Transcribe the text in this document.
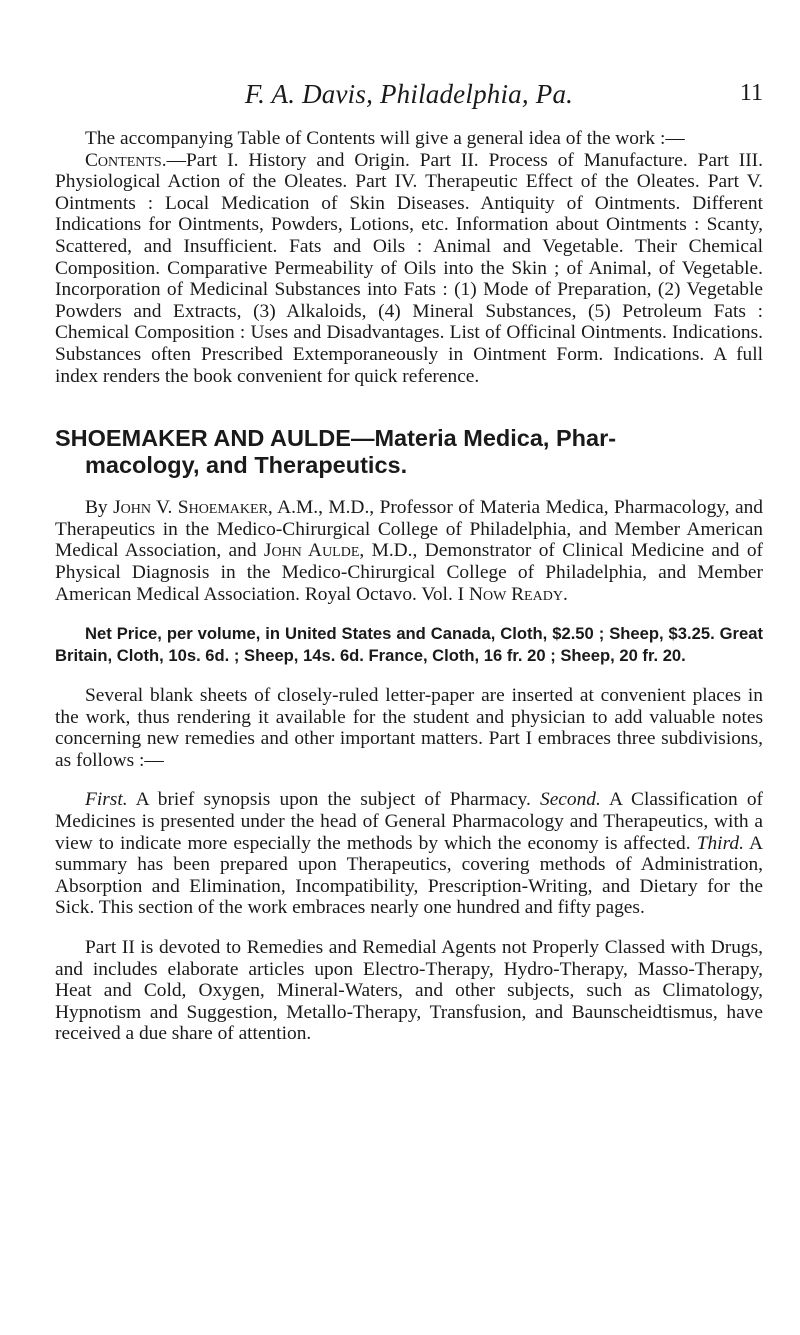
F. A. Davis, Philadelphia, Pa.	11

The accompanying Table of Contents will give a general idea of the work :—

Contents.—Part I. History and Origin. Part II. Process of Manufacture. Part III. Physiological Action of the Oleates. Part IV. Therapeutic Effect of the Oleates. Part V. Ointments : Local Medication of Skin Diseases. Antiquity of Ointments. Different Indications for Ointments, Powders, Lotions, etc. Information about Ointments : Scanty, Scattered, and Insufficient. Fats and Oils : Animal and Vegetable. Their Chemical Composition. Comparative Permeability of Oils into the Skin ; of Animal, of Vegetable. Incorporation of Medicinal Substances into Fats : (1) Mode of Preparation, (2) Vegetable Powders and Extracts, (3) Alkaloids, (4) Mineral Substances, (5) Petroleum Fats : Chemical Composition : Uses and Disadvantages. List of Officinal Ointments. Indications. Substances often Prescribed Extemporaneously in Ointment Form. Indications. A full index renders the book convenient for quick reference.

SHOEMAKER AND AULDE—Materia Medica, Phar-
macology, and Therapeutics.

By John V. Shoemaker, A.M., M.D., Professor of Materia Medica, Pharmacology, and Therapeutics in the Medico-Chirurgical College of Philadelphia, and Member American Medical Association, and John Aulde, M.D., Demonstrator of Clinical Medicine and of Physical Diagnosis in the Medico-Chirurgical College of Philadelphia, and Member American Medical Association. Royal Octavo. Vol. I Now Ready.

Net Price, per volume, in United States and Canada, Cloth, $2.50 ; Sheep, $3.25. Great Britain, Cloth, 10s. 6d. ; Sheep, 14s. 6d. France, Cloth, 16 fr. 20 ; Sheep, 20 fr. 20.

Several blank sheets of closely-ruled letter-paper are inserted at convenient places in the work, thus rendering it available for the student and physician to add valuable notes concerning new remedies and other important matters. Part I embraces three subdivisions, as follows :—

First. A brief synopsis upon the subject of Pharmacy. Second. A Classification of Medicines is presented under the head of General Pharmacology and Therapeutics, with a view to indicate more especially the methods by which the economy is affected. Third. A summary has been prepared upon Therapeutics, covering methods of Administration, Absorption and Elimination, Incompatibility, Prescription-Writing, and Dietary for the Sick. This section of the work embraces nearly one hundred and fifty pages.

Part II is devoted to Remedies and Remedial Agents not Properly Classed with Drugs, and includes elaborate articles upon Electro-Therapy, Hydro-Therapy, Masso-Therapy, Heat and Cold, Oxygen, Mineral-Waters, and other subjects, such as Climatology, Hypnotism and Suggestion, Metallo-Therapy, Transfusion, and Baunscheidtismus, have received a due share of attention.
